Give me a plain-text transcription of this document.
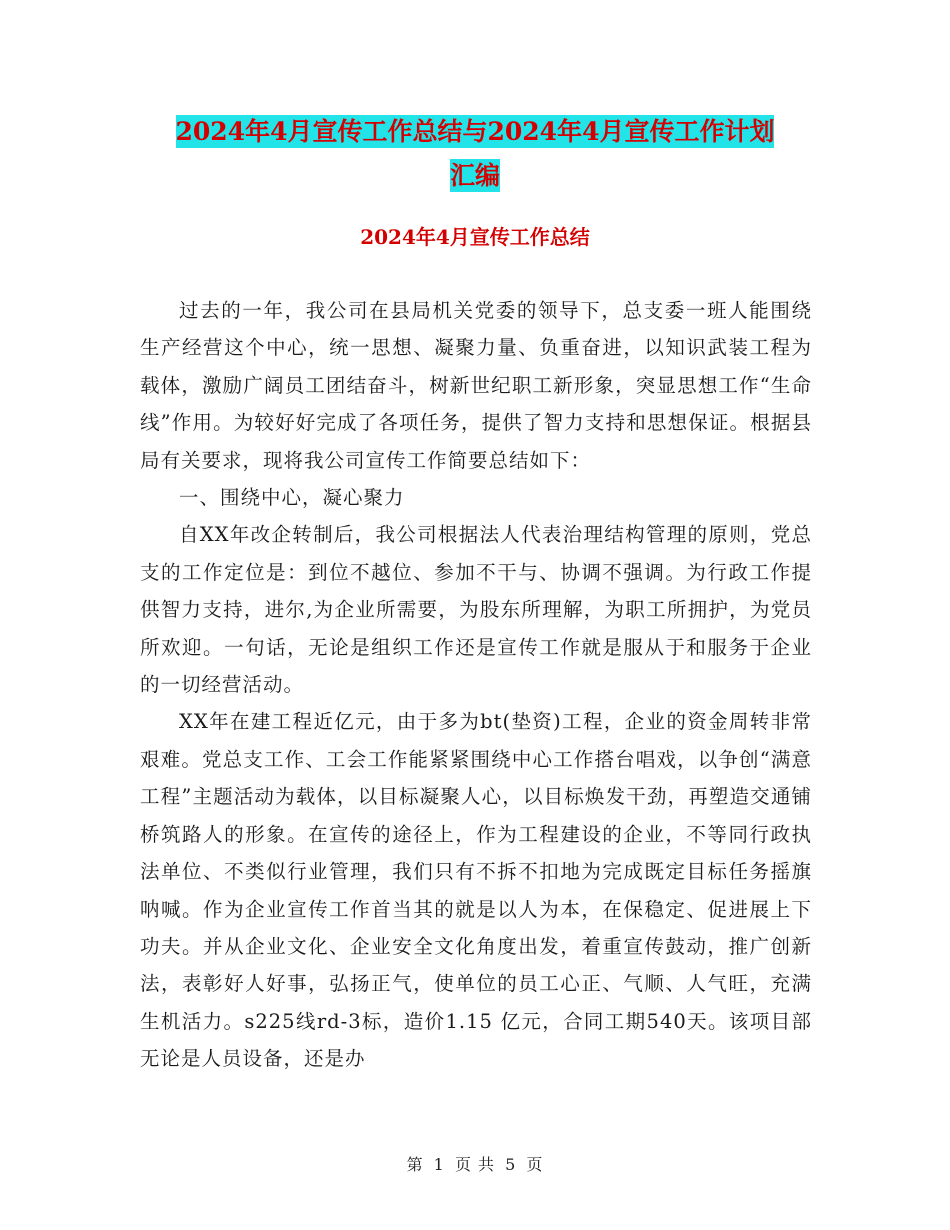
2024年4月宣传工作总结与2024年4月宣传工作计划
汇编
2024年4月宣传工作总结

过去的一年，我公司在县局机关党委的领导下，总支委一班人能围绕生产经营这个中心，统一思想、凝聚力量、负重奋进，以知识武装工程为载体，激励广阔员工团结奋斗，树新世纪职工新形象，突显思想工作“生命线”作用。为较好好完成了各项任务，提供了智力支持和思想保证。根据县局有关要求，现将我公司宣传工作简要总结如下：

一、围绕中心，凝心聚力

自XX年改企转制后，我公司根据法人代表治理结构管理的原则，党总支的工作定位是：到位不越位、参加不干与、协调不强调。为行政工作提供智力支持，进尔,为企业所需要，为股东所理解，为职工所拥护，为党员所欢迎。一句话，无论是组织工作还是宣传工作就是服从于和服务于企业的一切经营活动。

XX年在建工程近亿元，由于多为bt(垫资)工程，企业的资金周转非常艰难。党总支工作、工会工作能紧紧围绕中心工作搭台唱戏，以争创“满意工程”主题活动为载体，以目标凝聚人心，以目标焕发干劲，再塑造交通铺桥筑路人的形象。在宣传的途径上，作为工程建设的企业，不等同行政执法单位、不类似行业管理，我们只有不拆不扣地为完成既定目标任务摇旗呐喊。作为企业宣传工作首当其的就是以人为本，在保稳定、促进展上下功夫。并从企业文化、企业安全文化角度出发，着重宣传鼓动，推广创新法，表彰好人好事，弘扬正气，使单位的员工心正、气顺、人气旺，充满生机活力。s225线rd-3标，造价1.15 亿元，合同工期540天。该项目部无论是人员设备，还是办

第 1 页 共 5 页
